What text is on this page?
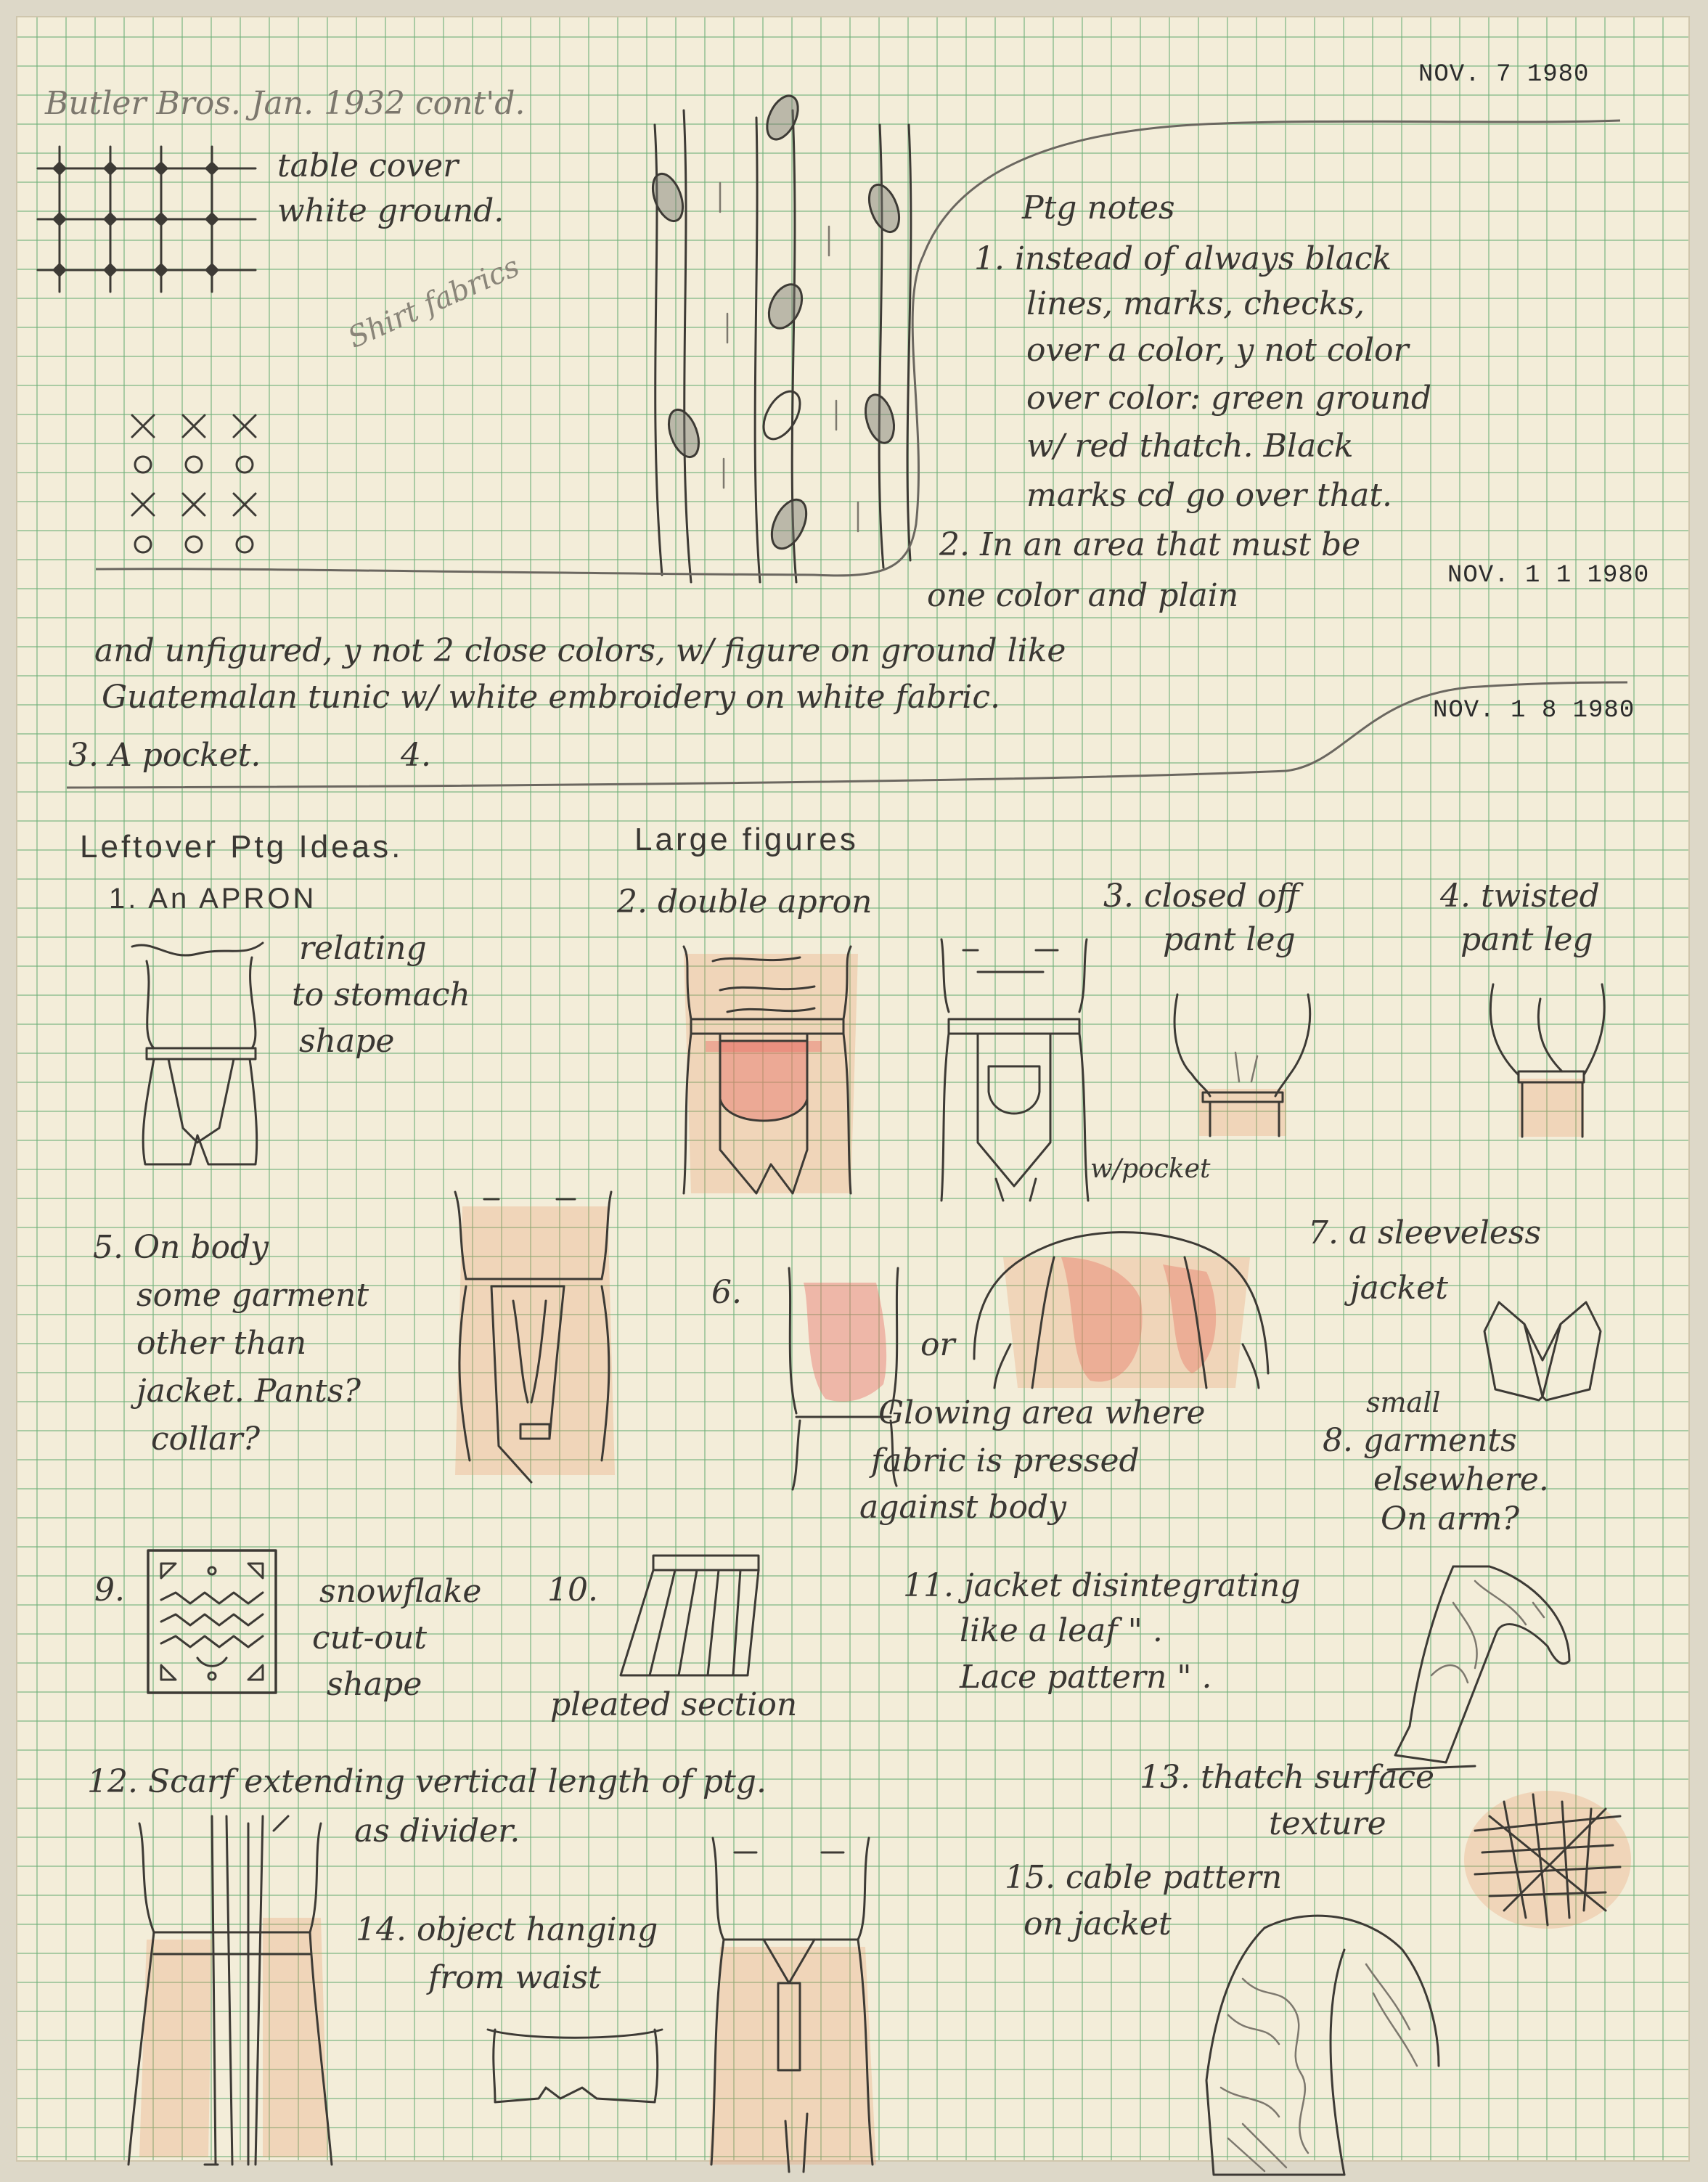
NOV. 7 1980

NOV. 1 1 1980

NOV. 1 8 1980

Butler Bros. Jan. 1932 cont'd.

table cover

white ground.

Shirt fabrics

Ptg notes

1. instead of always black

lines, marks, checks,

over a color, y not color

over color: green ground

w/ red thatch. Black

marks cd go over that.

2. In an area that must be

one color and plain

and unfigured, y not 2 close colors, w/ figure on ground like

Guatemalan tunic w/ white embroidery on white fabric.

3. A pocket.	4.

Leftover Ptg Ideas.	Large figures

1. An APRON

relating

to stomach

shape

2. double apron

w/pocket

3. closed off

pant leg

4. twisted

pant leg

5. On body

some garment

other than

jacket. Pants?

collar?

6.

or

Glowing area where

fabric is pressed

against body

7. a sleeveless

jacket

small

8. garments

elsewhere.

On arm?

9.	snowflake

cut-out

shape

10.

pleated section

11. jacket disintegrating

like a leaf " .

Lace pattern " .

12. Scarf extending vertical length of ptg.

as divider.

13. thatch surface

texture

14. object hanging

from waist

15. cable pattern

on jacket
